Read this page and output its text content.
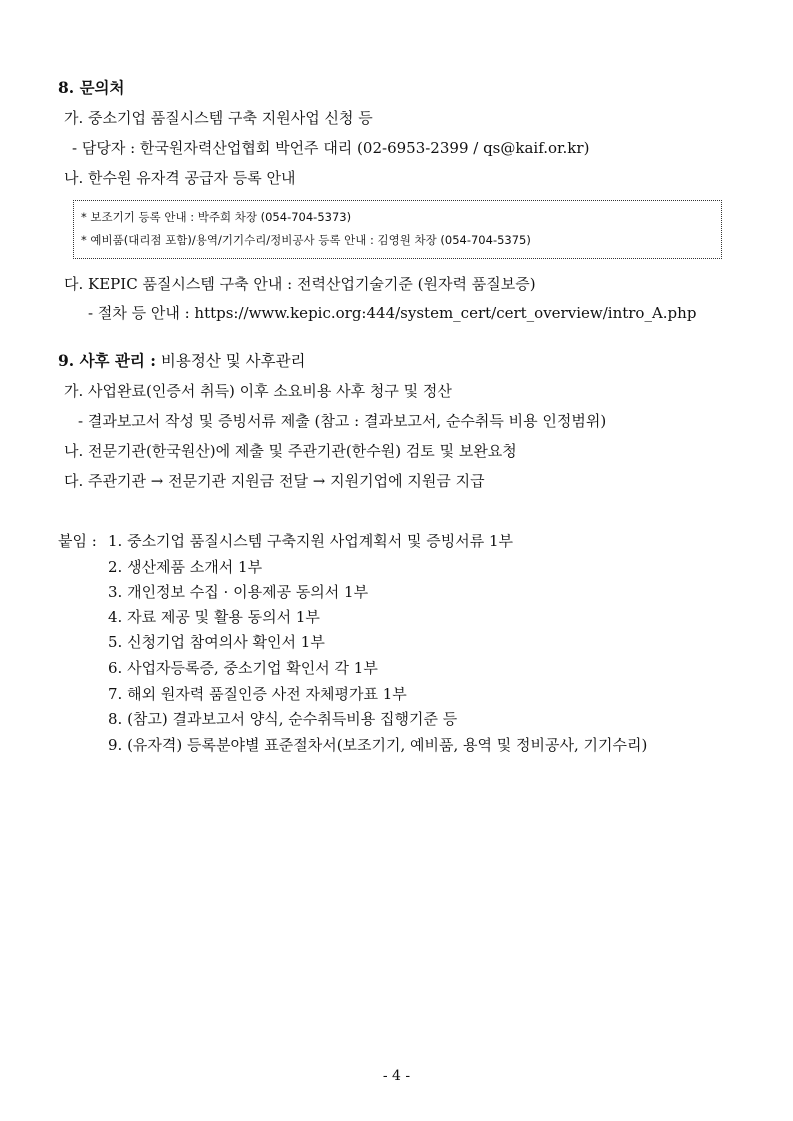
8. 문의처
가. 중소기업 품질시스템 구축 지원사업 신청 등
- 담당자 : 한국원자력산업협회 박언주 대리 (02-6953-2399 / qs@kaif.or.kr)
나. 한수원 유자격 공급자 등록 안내
* 보조기기 등록 안내 : 박주희 차장 (054-704-5373)
* 예비품(대리점 포함)/용역/기기수리/정비공사 등록 안내 : 김영원 차장 (054-704-5375)
다. KEPIC 품질시스템 구축 안내 : 전력산업기술기준 (원자력 품질보증)
- 절차 등 안내 : https://www.kepic.org:444/system_cert/cert_overview/intro_A.php
9. 사후 관리 : 비용정산 및 사후관리
가. 사업완료(인증서 취득) 이후 소요비용 사후 청구 및 정산
- 결과보고서 작성 및 증빙서류 제출 (참고 : 결과보고서, 순수취득 비용 인정범위)
나. 전문기관(한국원산)에 제출 및 주관기관(한수원) 검토 및 보완요청
다. 주관기관 → 전문기관 지원금 전달 → 지원기업에 지원금 지급
붙임 : 1. 중소기업 품질시스템 구축지원 사업계획서 및 증빙서류 1부
2. 생산제품 소개서 1부
3. 개인정보 수집 · 이용제공 동의서 1부
4. 자료 제공 및 활용 동의서 1부
5. 신청기업 참여의사 확인서 1부
6. 사업자등록증, 중소기업 확인서 각 1부
7. 해외 원자력 품질인증 사전 자체평가표 1부
8. (참고) 결과보고서 양식, 순수취득비용 집행기준 등
9. (유자격) 등록분야별 표준절차서(보조기기, 예비품, 용역 및 정비공사, 기기수리)
- 4 -
